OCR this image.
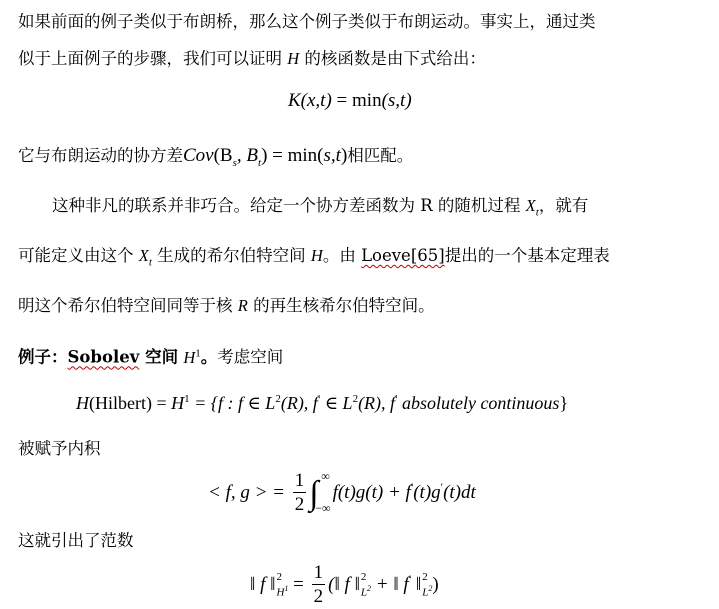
如果前面的例子类似于布朗桥，那么这个例子类似于布朗运动。事实上，通过类
似于上面例子的步骤，我们可以证明 H 的核函数是由下式给出：
K(x,t) = min(s,t)
它与布朗运动的协方差$Cov(B_s$, $B_t) = \min(s,t)$相匹配。
这种非凡的联系并非巧合。给定一个协方差函数为 R 的随机过程 $X_t$，就有
可能定义由这个 $X_t$ 生成的希尔伯特空间 H。由 Loeve[65]提出的一个基本定理表
明这个希尔伯特空间同等于核 R 的再生核希尔伯特空间。
例子：Sobolev 空间 $H^1$。考虑空间
H(Hilbert) = $H^1 = \{f$ : f ∈ $L^2(R)$, f′ ∈ $L^2(R)$, f′ absolutely continuous}
被赋予内积
< f, g > = $\frac{1}{2}$ ∫ ∞
−∞
f(t)g(t) + f′(t)g′(t)dt
这就引出了范数
‖ f ‖ 2
$H^1 = \frac{1}{2}$ (‖ f ‖ 2
$L^2$ + ‖ f′ ‖ 2
$L^2$ )
